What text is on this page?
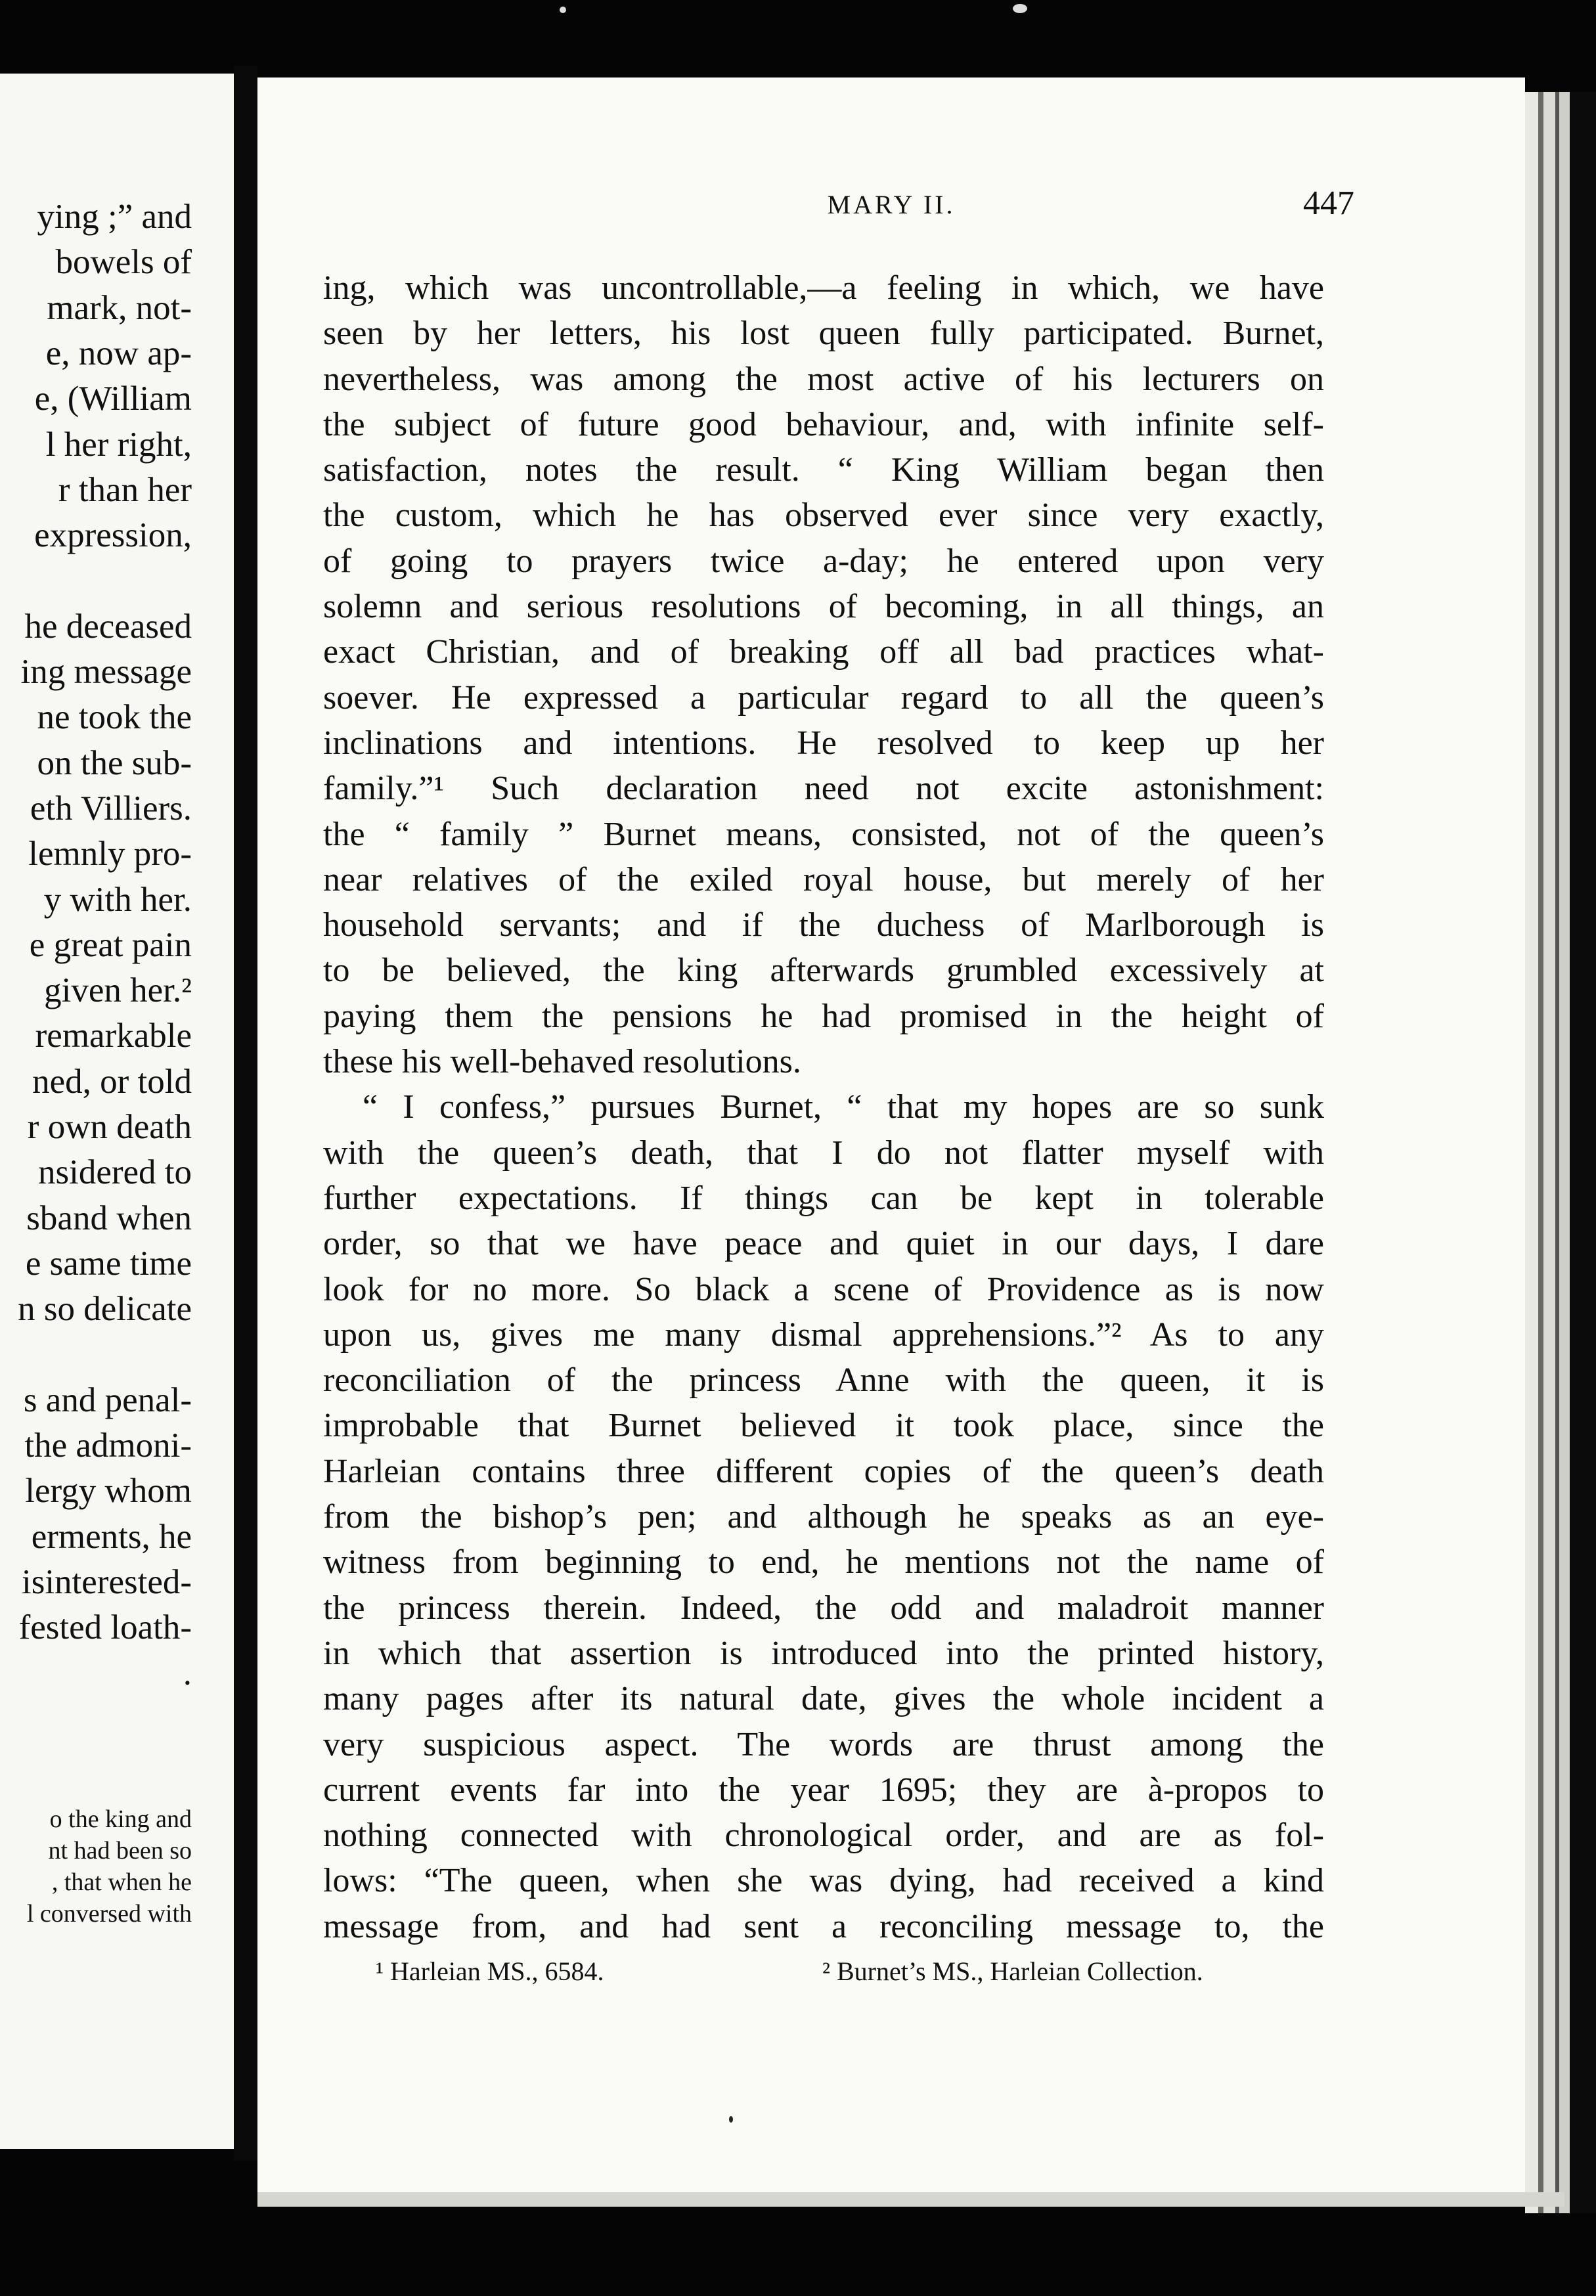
ying ;” and
bowels of
mark, not-
e, now ap-
e, (William
l her right,
r than her
expression,
he deceased
ing message
ne took the
on the sub-
eth Villiers.
lemnly pro-
y with her.
e great pain
given her.²
remarkable
ned, or told
r own death
nsidered to
sband when
e same time
n so delicate
s and penal-
the admoni-
lergy whom
erments, he
isinterested-
fested loath-
.
o the king and
nt had been so
, that when he
l conversed with
MARY II.	447
ing, which was uncontrollable,—a feeling in which, we have
seen by her letters, his lost queen fully participated. Burnet,
nevertheless, was among the most active of his lecturers on
the subject of future good behaviour, and, with infinite self-
satisfaction, notes the result. “ King William began then
the custom, which he has observed ever since very exactly,
of going to prayers twice a-day; he entered upon very
solemn and serious resolutions of becoming, in all things, an
exact Christian, and of breaking off all bad practices what-
soever. He expressed a particular regard to all the queen’s
inclinations and intentions. He resolved to keep up her
family.”¹ Such declaration need not excite astonishment:
the “ family ” Burnet means, consisted, not of the queen’s
near relatives of the exiled royal house, but merely of her
household servants; and if the duchess of Marlborough is
to be believed, the king afterwards grumbled excessively at
paying them the pensions he had promised in the height of
these his well-behaved resolutions.
“ I confess,” pursues Burnet, “ that my hopes are so sunk
with the queen’s death, that I do not flatter myself with
further expectations. If things can be kept in tolerable
order, so that we have peace and quiet in our days, I dare
look for no more. So black a scene of Providence as is now
upon us, gives me many dismal apprehensions.”² As to any
reconciliation of the princess Anne with the queen, it is
improbable that Burnet believed it took place, since the
Harleian contains three different copies of the queen’s death
from the bishop’s pen; and although he speaks as an eye-
witness from beginning to end, he mentions not the name of
the princess therein. Indeed, the odd and maladroit manner
in which that assertion is introduced into the printed history,
many pages after its natural date, gives the whole incident a
very suspicious aspect. The words are thrust among the
current events far into the year 1695; they are à-propos to
nothing connected with chronological order, and are as fol-
lows: “The queen, when she was dying, had received a kind
message from, and had sent a reconciling message to, the
¹ Harleian MS., 6584.	² Burnet’s MS., Harleian Collection.
